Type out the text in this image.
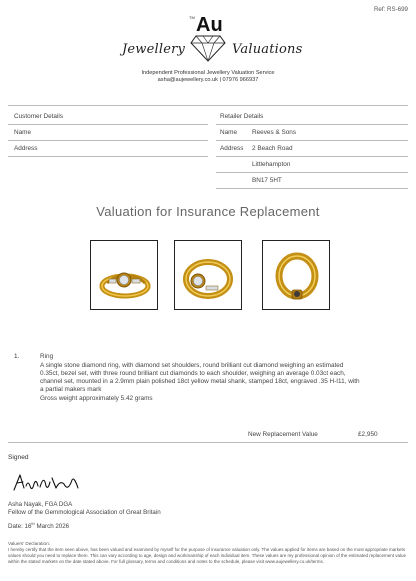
Ref: RS-699
TM Au
Jewellery	Valuations
Independent Professional Jewellery Valuation Service
asha@aujewellery.co.uk | 07976 966937
Customer Details
Name
Address
Retailer Details
Name Reeves & Sons
Address 2 Beach Road
Littlehampton
BN17 5HT
Valuation for Insurance Replacement
1.	Ring
A single stone diamond ring, with diamond set shoulders, round brilliant cut diamond weighing an estimated 0.35ct, bezel set, with three round brilliant cut diamonds to each shoulder, weighing an average 0.03ct each, channel set, mounted in a 2.9mm plain polished 18ct yellow metal shank, stamped 18ct, engraved .35 H-I11, with a partial makers mark
Gross weight approximately 5.42 grams
New Replacement Value	£2,950
Signed
Asha Nayak, FGA DGA
Fellow of the Gemmological Association of Great Britain
Date: 16th March 2026
Valuers' Declaration:
I hereby certify that the item seen above, has been valued and examined by myself for the purpose of insurance valuation only. The values applied for items are based on the most appropriate markets values should you need to replace them. This can vary according to age, design and workmanship of each individual item. These values are my professional opinion of the estimated replacement value within the stated markets on the date stated above. For full glossary, terms and conditions and notes to the schedule, please visit www.aujewellery.co.uk/terms.
